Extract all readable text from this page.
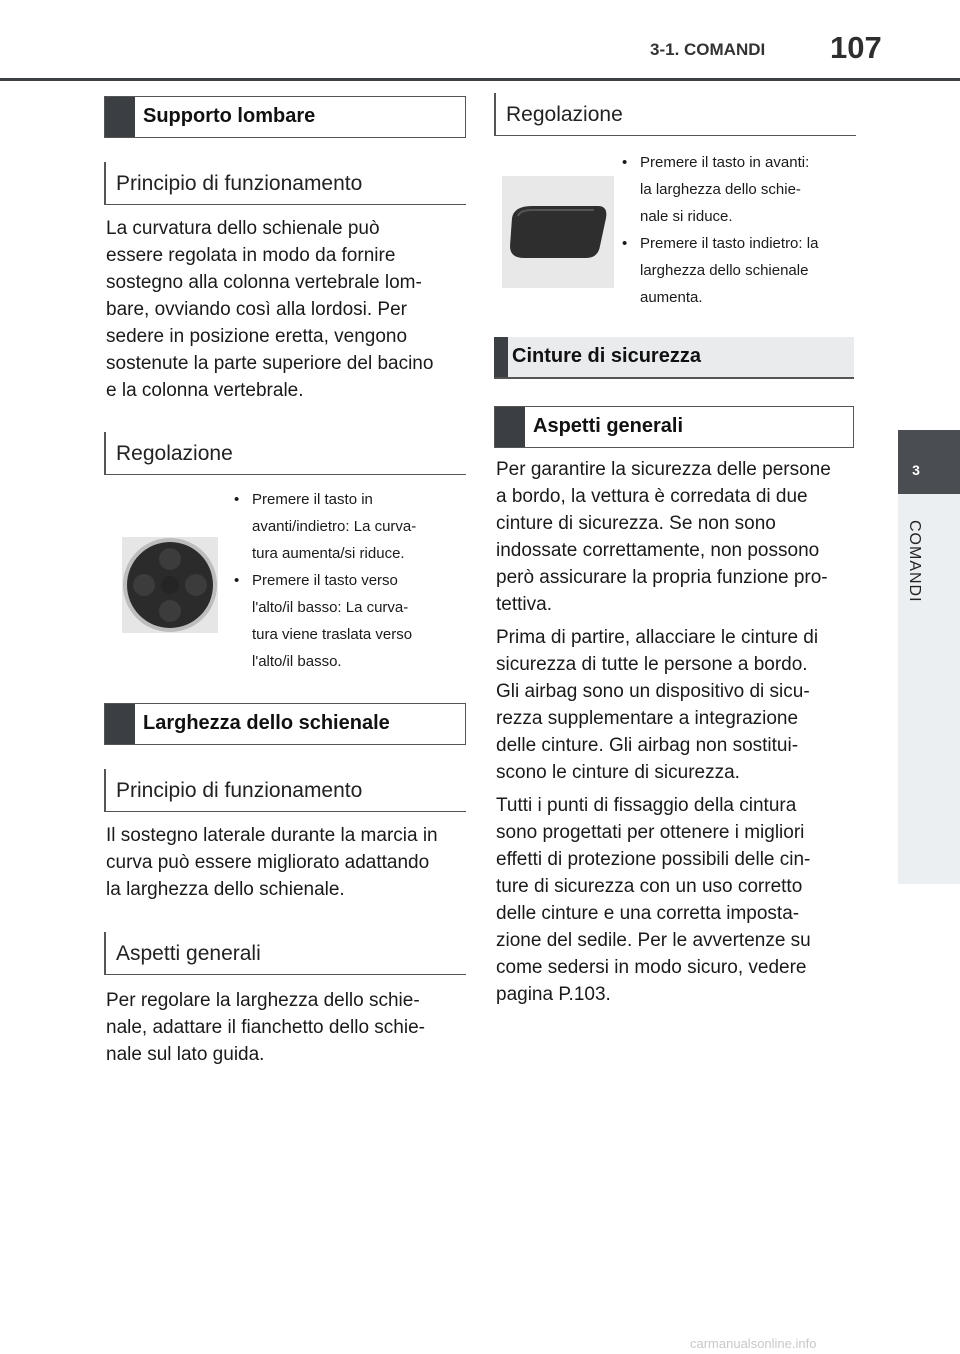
3-1. COMANDI 107
3
COMANDI
Supporto lombare
Principio di funzionamento
La curvatura dello schienale può
essere regolata in modo da fornire
sostegno alla colonna vertebrale lom-
bare, ovviando così alla lordosi. Per
sedere in posizione eretta, vengono
sostenute la parte superiore del bacino
e la colonna vertebrale.
Regolazione
• Premere il tasto in
avanti/indietro: La curva-
tura aumenta/si riduce.
• Premere il tasto verso
l'alto/il basso: La curva-
tura viene traslata verso
l'alto/il basso.
Larghezza dello schienale
Principio di funzionamento
Il sostegno laterale durante la marcia in
curva può essere migliorato adattando
la larghezza dello schienale.
Aspetti generali
Per regolare la larghezza dello schie-
nale, adattare il fianchetto dello schie-
nale sul lato guida.
Regolazione
• Premere il tasto in avanti:
la larghezza dello schie-
nale si riduce.
• Premere il tasto indietro: la
larghezza dello schienale
aumenta.
Cinture di sicurezza
Aspetti generali

Per garantire la sicurezza delle persone
a bordo, la vettura è corredata di due
cinture di sicurezza. Se non sono
indossate correttamente, non possono
però assicurare la propria funzione pro-
tettiva.

Prima di partire, allacciare le cinture di
sicurezza di tutte le persone a bordo.
Gli airbag sono un dispositivo di sicu-
rezza supplementare a integrazione
delle cinture. Gli airbag non sostitui-
scono le cinture di sicurezza.

Tutti i punti di fissaggio della cintura
sono progettati per ottenere i migliori
effetti di protezione possibili delle cin-
ture di sicurezza con un uso corretto
delle cinture e una corretta imposta-
zione del sedile. Per le avvertenze su
come sedersi in modo sicuro, vedere
pagina P.103.

carmanualsonline.info
